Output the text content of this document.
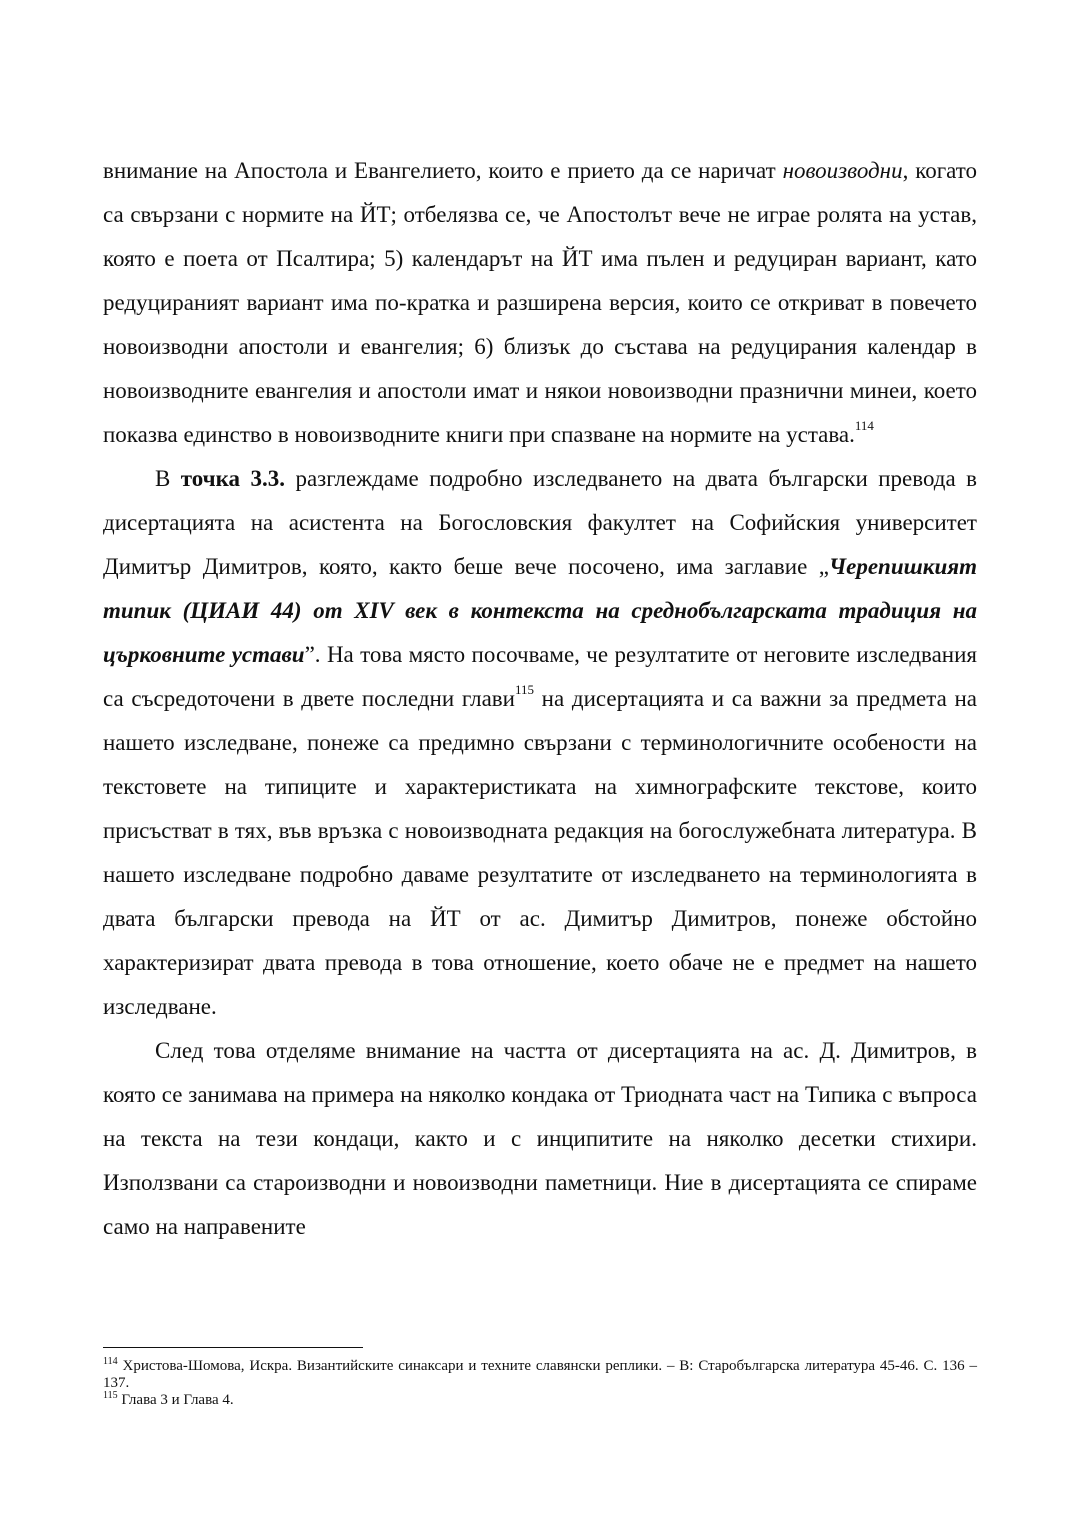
внимание на Апостола и Евангелието, които е прието да се наричат новоизводни, когато са свързани с нормите на ЙТ; отбелязва се, че Апостолът вече не играе ролята на устав, която е поета от Псалтира; 5) календарът на ЙТ има пълен и редуциран вариант, като редуцираният вариант има по-кратка и разширена версия, които се откриват в повечето новоизводни апостоли и евангелия; 6) близък до състава на редуцирания календар в новоизводните евангелия и апостоли имат и някои новоизводни празнични минеи, което показва единство в новоизводните книги при спазване на нормите на устава.$^{114}$

В точка 3.3. разглеждаме подробно изследването на двата български превода в дисертацията на асистента на Богословския факултет на Софийския университет Димитър Димитров, която, както беше вече посочено, има заглавие „Черепишкият типик (ЦИАИ 44) от XIV век в контекста на среднобългарската традиция на църковните устави”. На това място посочваме, че резултатите от неговите изследвания са съсредоточени в двете последни глави$^{115}$ на дисертацията и са важни за предмета на нашето изследване, понеже са предимно свързани с терминологичните особености на текстовете на типиците и характеристиката на химнографските текстове, които присъстват в тях, във връзка с новоизводната редакция на богослужебната литература. В нашето изследване подробно даваме резултатите от изследването на терминологията в двата български превода на ЙТ от ас. Димитър Димитров, понеже обстойно характеризират двата превода в това отношение, което обаче не е предмет на нашето изследване.

След това отделяме внимание на частта от дисертацията на ас. Д. Димитров, в която се занимава на примера на няколко кондака от Триодната част на Типика с въпроса на текста на тези кондаци, както и с инципитите на няколко десетки стихири. Използвани са староизводни и новоизводни паметници. Ние в дисертацията се спираме само на направените

$^{114}$ Христова-Шомова, Искра. Византийските синаксари и техните славянски реплики. – В: Старобългарска литература 45-46. С. 136 – 137.

$^{115}$ Глава 3 и Глава 4.
